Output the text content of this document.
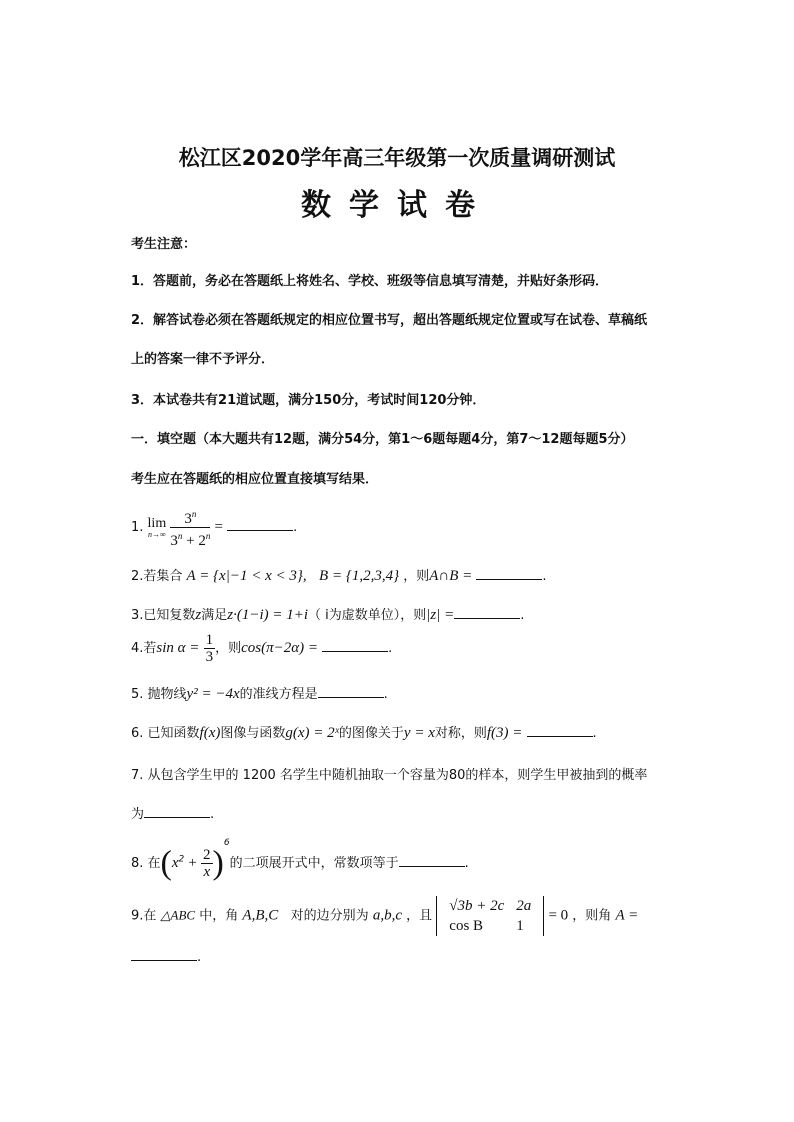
松江区2020学年高三年级第一次质量调研测试
数学试卷
考生注意：
1．答题前，务必在答题纸上将姓名、学校、班级等信息填写清楚，并贴好条形码．
2．解答试卷必须在答题纸规定的相应位置书写，超出答题纸规定位置或写在试卷、草稿纸
上的答案一律不予评分．
3．本试卷共有21道试题，满分150分，考试时间120分钟．
一．填空题（本大题共有12题，满分54分，第1～6题每题4分，第7～12题每题5分）
考生应在答题纸的相应位置直接填写结果．
1. lim
n→∞
$\frac{3^n}{3^n + 2^n}$ =	.
2.若集合 A = {x|−1 < x < 3}, B = {1,2,3,4} ，则A∩B =	.
3.已知复数z满足z·(1−i) = 1+i（ i为虚数单位），则|z| =	.
4.若$\sin \alpha = \frac{1}{3}$ ，则cos(π−2α) =	.
5. 抛物线y² = −4x的准线方程是	.
6. 已知函数f(x)图像与函数g(x) = 2ˣ的图像关于y = x对称，则f(3) =	.
7. 从包含学生甲的 1200 名学生中随机抽取一个容量为80的样本，则学生甲被抽到的概率
为	.
8. 在$(x^2 + \frac{2}{x} )^6$的二项展开式中，常数项等于	.
9.在 △ABC 中，角 A,B,C 对的边分别为 a,b,c ，且
√3b + 2c	2a
cos B	1
= 0 ，则角 A =
.
